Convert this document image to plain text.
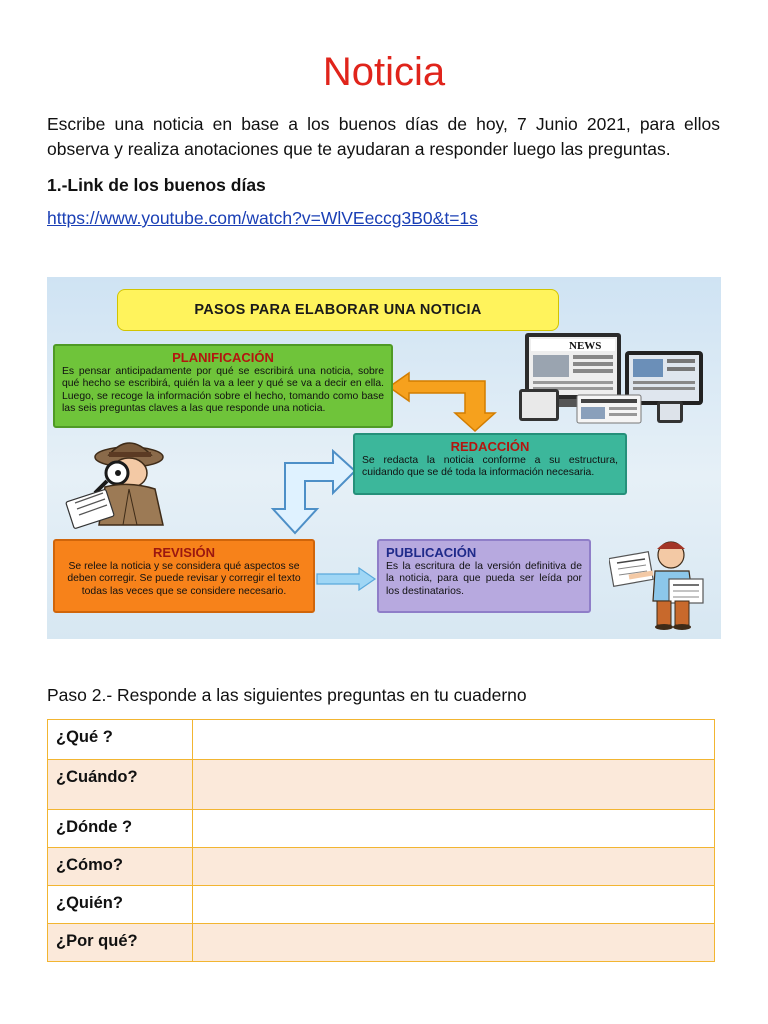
Noticia
Escribe una noticia en base a los buenos días de hoy, 7 Junio 2021, para ellos observa y realiza anotaciones que te ayudaran a responder luego las preguntas.
1.-Link de los buenos días
https://www.youtube.com/watch?v=WlVEeccg3B0&t=1s
PASOS PARA ELABORAR UNA NOTICIA
NEWS
PLANIFICACIÓN
Es pensar anticipadamente por qué se escribirá una noticia, sobre qué hecho se escribirá, quién la va a leer y qué se va a decir en ella. Luego, se recoge la información sobre el hecho, tomando como base las seis preguntas claves a las que responde una noticia.
REDACCIÓN
Se redacta la noticia conforme a su estructura, cuidando que se dé toda la información necesaria.
REVISIÓN
Se relee la noticia y se considera qué aspectos se deben corregir. Se puede revisar y corregir el texto todas las veces que se considere necesario.
PUBLICACIÓN
Es la escritura de la versión definitiva de la noticia, para que pueda ser leída por los destinatarios.
Paso 2.- Responde a las siguientes preguntas en tu cuaderno
¿Qué ?	
¿Cuándo?	
¿Dónde ?	
¿Cómo?	
¿Quién?	
¿Por qué?	
